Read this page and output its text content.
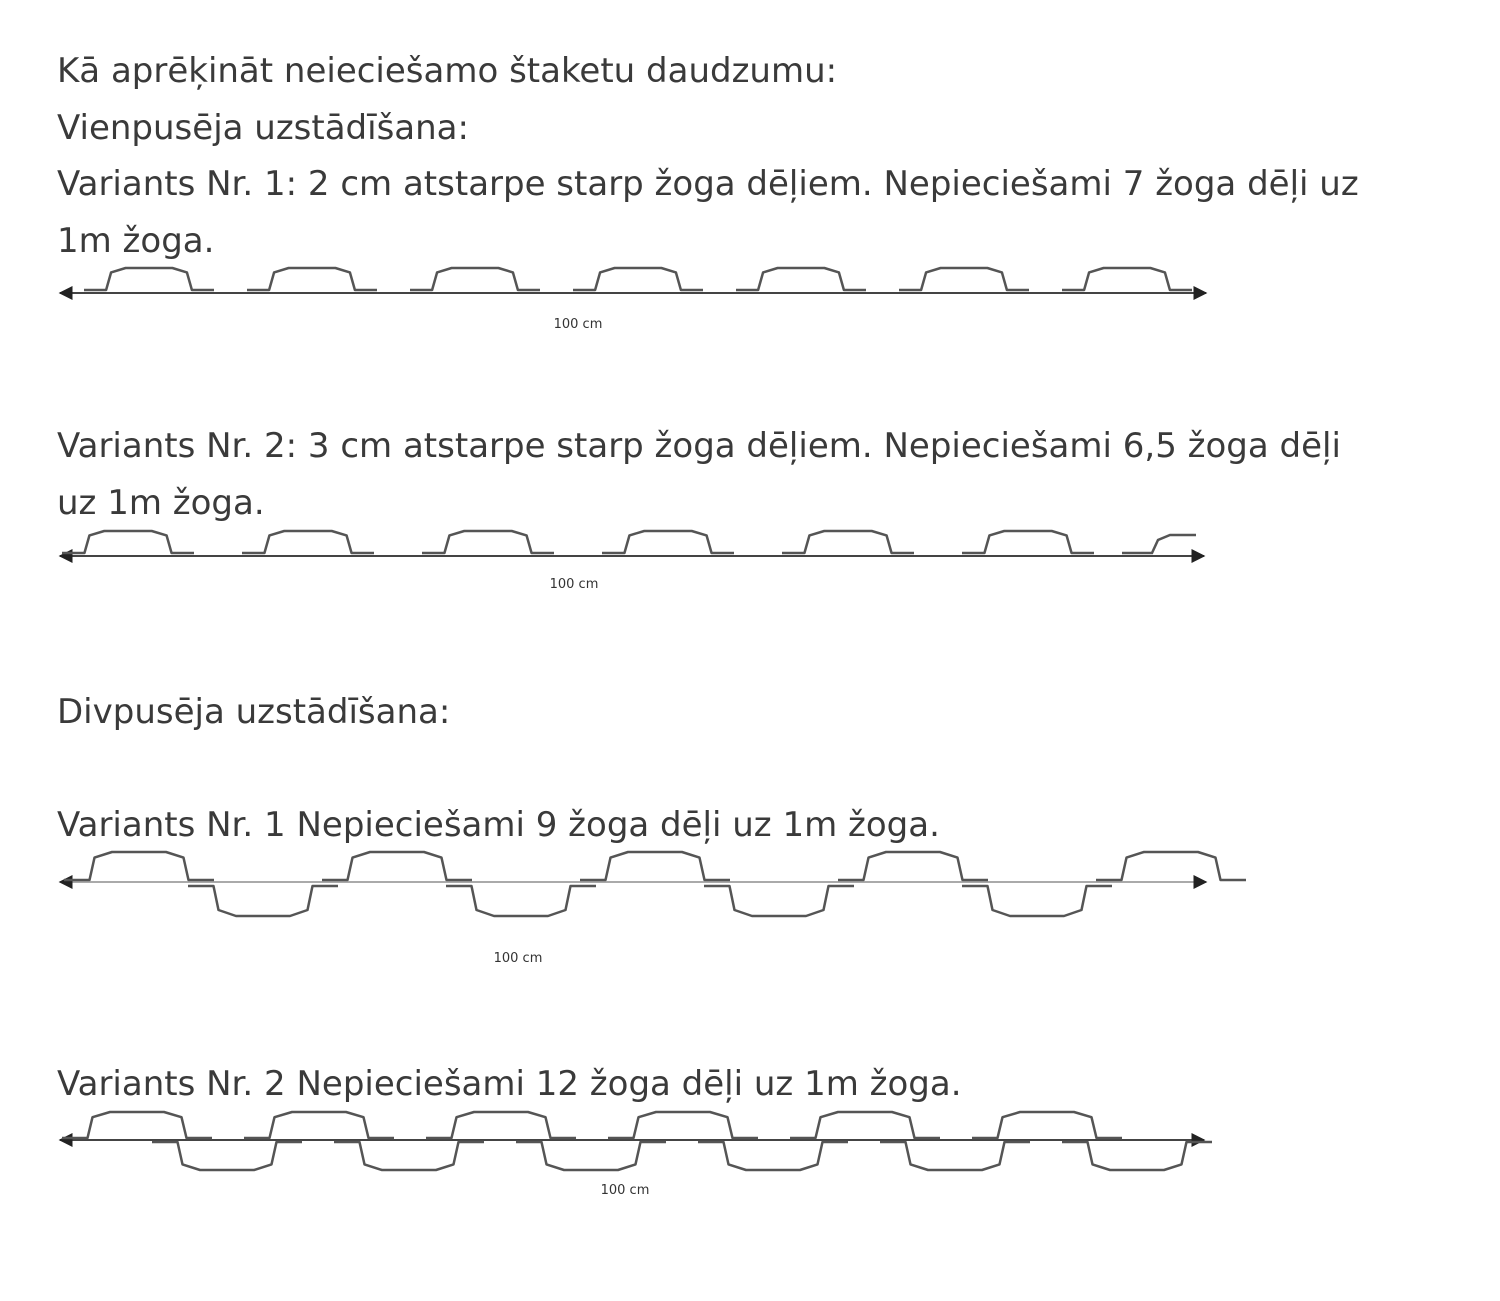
Kā aprēķināt neieciešamo štaketu daudzumu:
Vienpusēja uzstādīšana:
Variants Nr. 1: 2 cm atstarpe starp žoga dēļiem. Nepieciešami 7 žoga dēļi uz
1m žoga.
Variants Nr. 2: 3 cm atstarpe starp žoga dēļiem. Nepieciešami 6,5 žoga dēļi
uz 1m žoga.
Divpusēja uzstādīšana:
Variants Nr. 1 Nepieciešami 9 žoga dēļi uz 1m žoga.
Variants Nr. 2 Nepieciešami 12 žoga dēļi uz 1m žoga.
100 cm
100 cm
100 cm
100 cm
